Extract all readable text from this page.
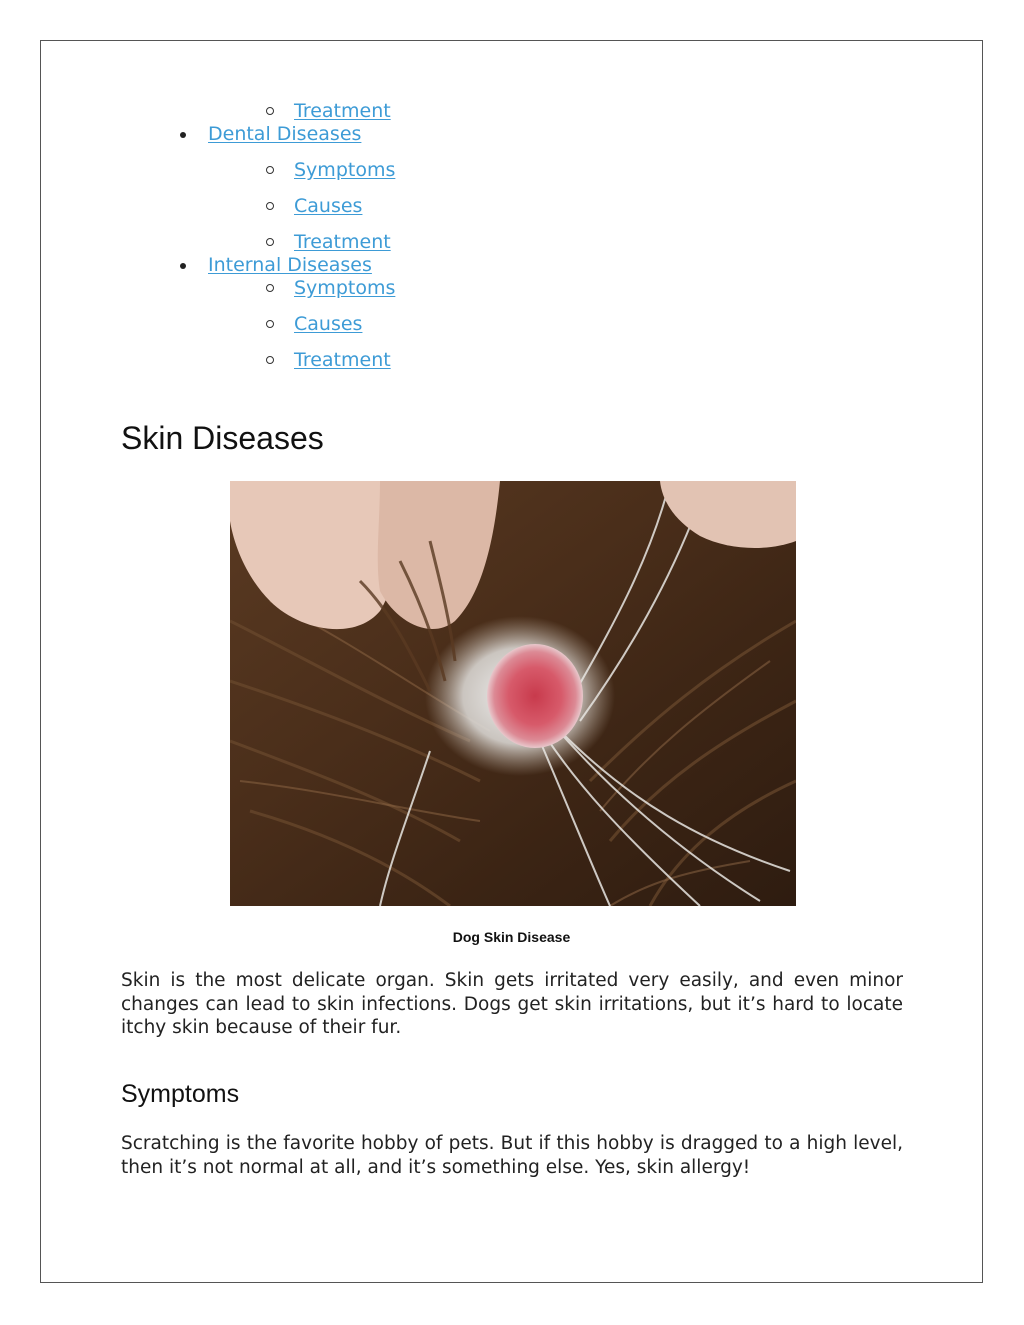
Treatment
Dental Diseases
Symptoms
Causes
Treatment
Internal Diseases
Symptoms
Causes
Treatment
Skin Diseases
Dog Skin Disease

Skin is the most delicate organ. Skin gets irritated very easily, and even minor changes can lead to skin infections. Dogs get skin irritations, but it’s hard to locate itchy skin because of their fur.

Symptoms

Scratching is the favorite hobby of pets. But if this hobby is dragged to a high level, then it’s not normal at all, and it’s something else. Yes, skin allergy!
